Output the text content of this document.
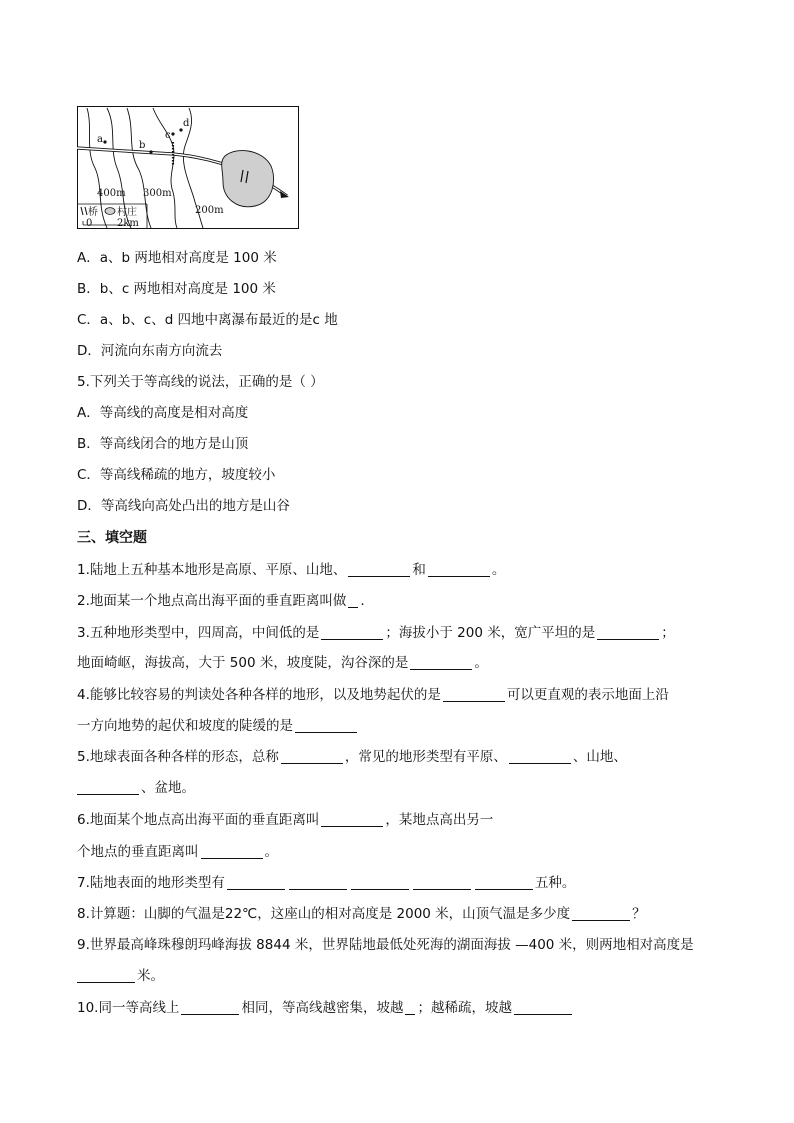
a
b
c
d
400m 300m
200m
桥 村庄
0 2km
A．a、b 两地相对高度是 100 米
B．b、c 两地相对高度是 100 米
C．a、b、c、d 四地中离瀑布最近的是c 地
D．河流向东南方向流去
5.下列关于等高线的说法，正确的是（ ）
A．等高线的高度是相对高度
B．等高线闭合的地方是山顶
C．等高线稀疏的地方，坡度较小
D．等高线向高处凸出的地方是山谷
三、填空题
1.陆地上五种基本地形是高原、平原、山地、	和	。
2.地面某一个地点高出海平面的垂直距离叫做 .
3.五种地形类型中，四周高，中间低的是	；海拔小于 200 米，宽广平坦的是	；
地面崎岖，海拔高，大于 500 米，坡度陡，沟谷深的是	。
4.能够比较容易的判读处各种各样的地形，以及地势起伏的是	可以更直观的表示地面上沿
一方向地势的起伏和坡度的陡缓的是
5.地球表面各种各样的形态，总称	，常见的地形类型有平原、	、山地、
、盆地。
6.地面某个地点高出海平面的垂直距离叫	，某地点高出另一
个地点的垂直距离叫	。
7.陆地表面的地形类型有	五种。
8.计算题：山脚的气温是22℃，这座山的相对高度是 2000 米，山顶气温是多少度	？
9.世界最高峰珠穆朗玛峰海拔 8844 米，世界陆地最低处死海的湖面海拔 —400 米，则两地相对高度是
米。
10.同一等高线上	相同，等高线越密集，坡越 ；越稀疏，坡越
